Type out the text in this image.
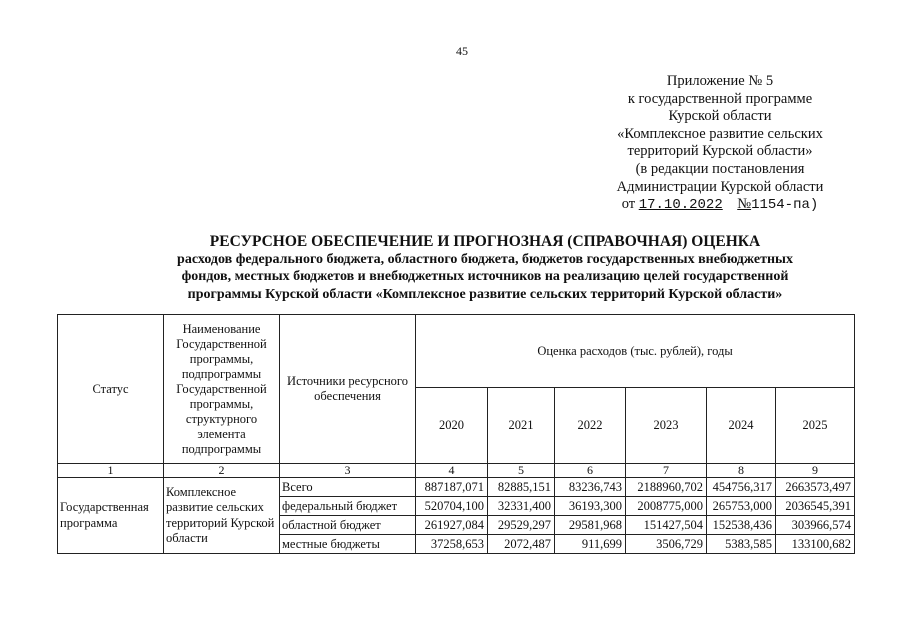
45
Приложение № 5
к государственной программе
Курской области
«Комплексное развитие сельских
территорий Курской области»
(в редакции постановления
Администрации Курской области
от 17.10.2022 №1154-па)
РЕСУРСНОЕ ОБЕСПЕЧЕНИЕ И ПРОГНОЗНАЯ (СПРАВОЧНАЯ) ОЦЕНКА
расходов федерального бюджета, областного бюджета, бюджетов государственных внебюджетных
фондов, местных бюджетов и внебюджетных источников на реализацию целей государственной
программы Курской области «Комплексное развитие сельских территорий Курской области»
Статус	Наименование Государственной программы, подпрограммы Государственной программы, структурного элемента подпрограммы	Источники ресурсного обеспечения	Оценка расходов (тыс. рублей), годы					
			2020	2021	2022	2023	2024	2025
1	2	3	4	5	6	7	8	9
Государственная программа	Комплексное развитие сельских территорий Курской области	Всего	887187,071	82885,151	83236,743	2188960,702	454756,317	2663573,497
		федеральный бюджет	520704,100	32331,400	36193,300	2008775,000	265753,000	2036545,391
		областной бюджет	261927,084	29529,297	29581,968	151427,504	152538,436	303966,574
		местные бюджеты	37258,653	2072,487	911,699	3506,729	5383,585	133100,682
